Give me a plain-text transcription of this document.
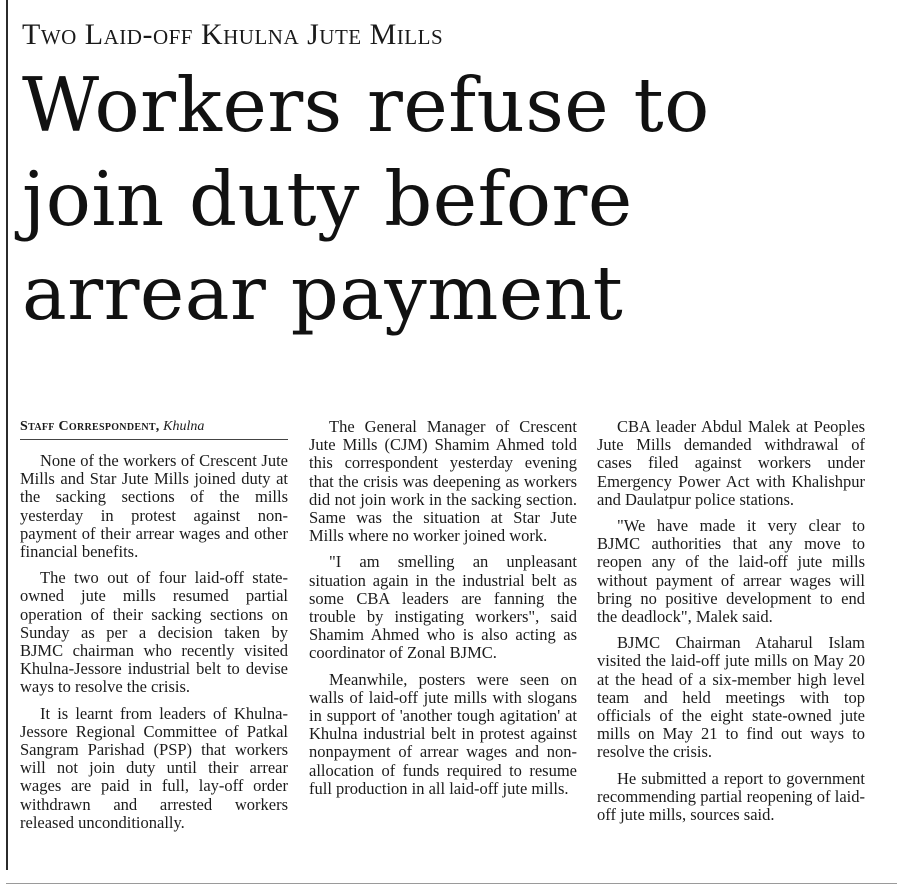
Two Laid-off Khulna Jute Mills
Workers refuse to
join duty before
arrear payment
Staff Correspondent, Khulna

None of the workers of Crescent Jute Mills and Star Jute Mills joined duty at the sacking sections of the mills yesterday in protest against non-payment of their arrear wages and other financial benefits.

The two out of four laid-off state-owned jute mills resumed partial operation of their sacking sections on Sunday as per a decision taken by BJMC chairman who recently visited Khulna-Jessore industrial belt to devise ways to resolve the crisis.

It is learnt from leaders of Khulna-Jessore Regional Committee of Patkal Sangram Parishad (PSP) that workers will not join duty until their arrear wages are paid in full, lay-off order withdrawn and arrested workers released unconditionally.

The General Manager of Crescent Jute Mills (CJM) Shamim Ahmed told this correspondent yesterday evening that the crisis was deepening as workers did not join work in the sacking section. Same was the situation at Star Jute Mills where no worker joined work.

"I am smelling an unpleasant situation again in the industrial belt as some CBA leaders are fanning the trouble by instigating workers", said Shamim Ahmed who is also acting as coordinator of Zonal BJMC.

Meanwhile, posters were seen on walls of laid-off jute mills with slogans in support of 'another tough agitation' at Khulna industrial belt in protest against nonpayment of arrear wages and non-allocation of funds required to resume full production in all laid-off jute mills.

CBA leader Abdul Malek at Peoples Jute Mills demanded withdrawal of cases filed against workers under Emergency Power Act with Khalishpur and Daulatpur police stations.

"We have made it very clear to BJMC authorities that any move to reopen any of the laid-off jute mills without payment of arrear wages will bring no positive development to end the deadlock", Malek said.

BJMC Chairman Ataharul Islam visited the laid-off jute mills on May 20 at the head of a six-member high level team and held meetings with top officials of the eight state-owned jute mills on May 21 to find out ways to resolve the crisis.

He submitted a report to government recommending partial reopening of laid-off jute mills, sources said.
